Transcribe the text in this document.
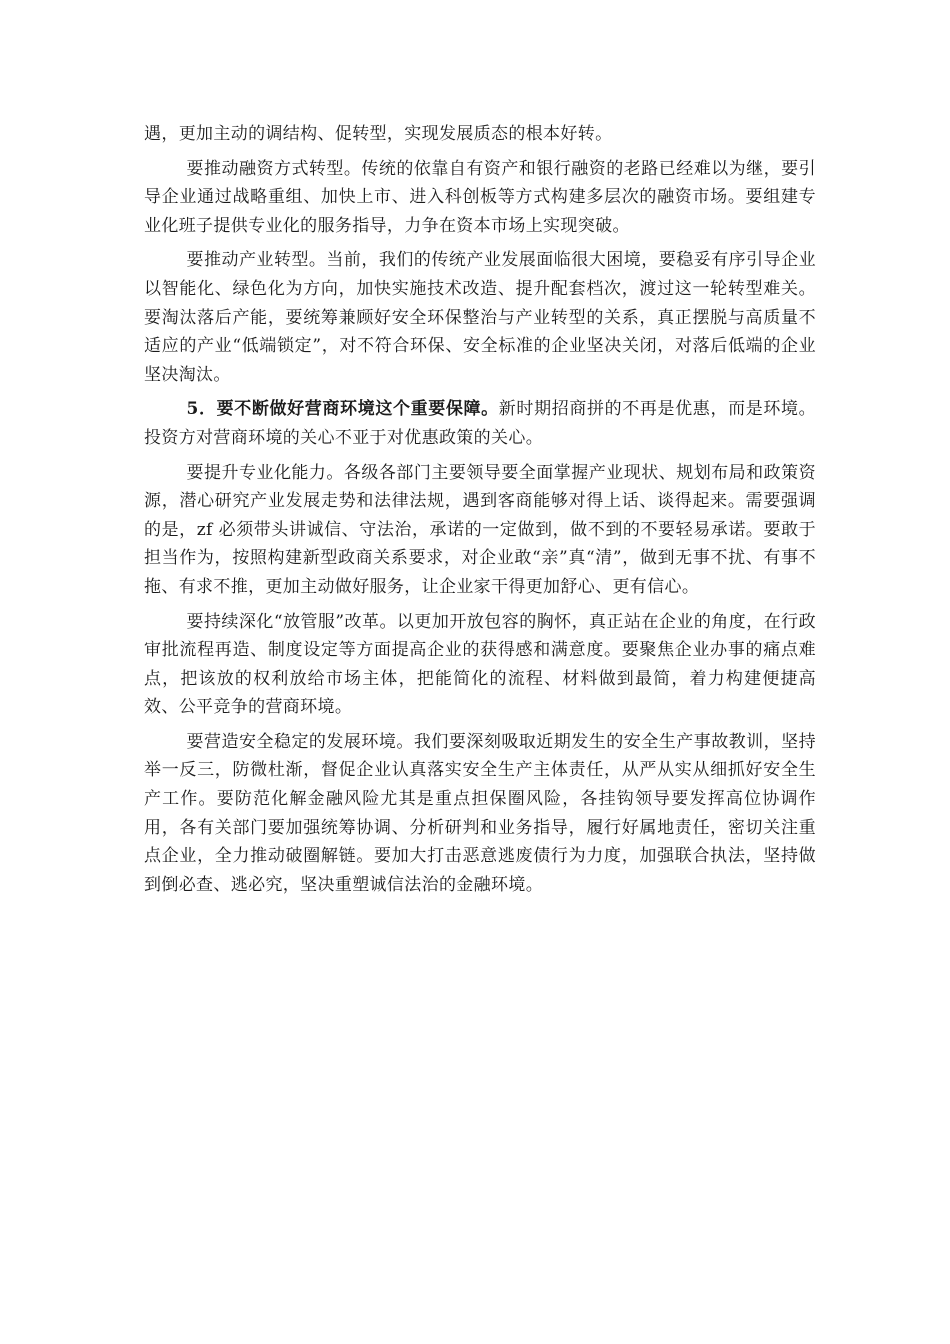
遇，更加主动的调结构、促转型，实现发展质态的根本好转。

要推动融资方式转型。传统的依靠自有资产和银行融资的老路已经难以为继，要引导企业通过战略重组、加快上市、进入科创板等方式构建多层次的融资市场。要组建专业化班子提供专业化的服务指导，力争在资本市场上实现突破。

要推动产业转型。当前，我们的传统产业发展面临很大困境，要稳妥有序引导企业以智能化、绿色化为方向，加快实施技术改造、提升配套档次，渡过这一轮转型难关。要淘汰落后产能，要统筹兼顾好安全环保整治与产业转型的关系，真正摆脱与高质量不适应的产业“低端锁定”，对不符合环保、安全标准的企业坚决关闭，对落后低端的企业坚决淘汰。

5．要不断做好营商环境这个重要保障。新时期招商拼的不再是优惠，而是环境。投资方对营商环境的关心不亚于对优惠政策的关心。

要提升专业化能力。各级各部门主要领导要全面掌握产业现状、规划布局和政策资源，潜心研究产业发展走势和法律法规，遇到客商能够对得上话、谈得起来。需要强调的是，zf 必须带头讲诚信、守法治，承诺的一定做到，做不到的不要轻易承诺。要敢于担当作为，按照构建新型政商关系要求，对企业敢“亲”真“清”，做到无事不扰、有事不拖、有求不推，更加主动做好服务，让企业家干得更加舒心、更有信心。

要持续深化“放管服”改革。以更加开放包容的胸怀，真正站在企业的角度，在行政审批流程再造、制度设定等方面提高企业的获得感和满意度。要聚焦企业办事的痛点难点，把该放的权利放给市场主体，把能简化的流程、材料做到最简，着力构建便捷高效、公平竞争的营商环境。

要营造安全稳定的发展环境。我们要深刻吸取近期发生的安全生产事故教训，坚持举一反三，防微杜渐，督促企业认真落实安全生产主体责任，从严从实从细抓好安全生产工作。要防范化解金融风险尤其是重点担保圈风险，各挂钩领导要发挥高位协调作用，各有关部门要加强统筹协调、分析研判和业务指导，履行好属地责任，密切关注重点企业，全力推动破圈解链。要加大打击恶意逃废债行为力度，加强联合执法，坚持做到倒必查、逃必究，坚决重塑诚信法治的金融环境。
